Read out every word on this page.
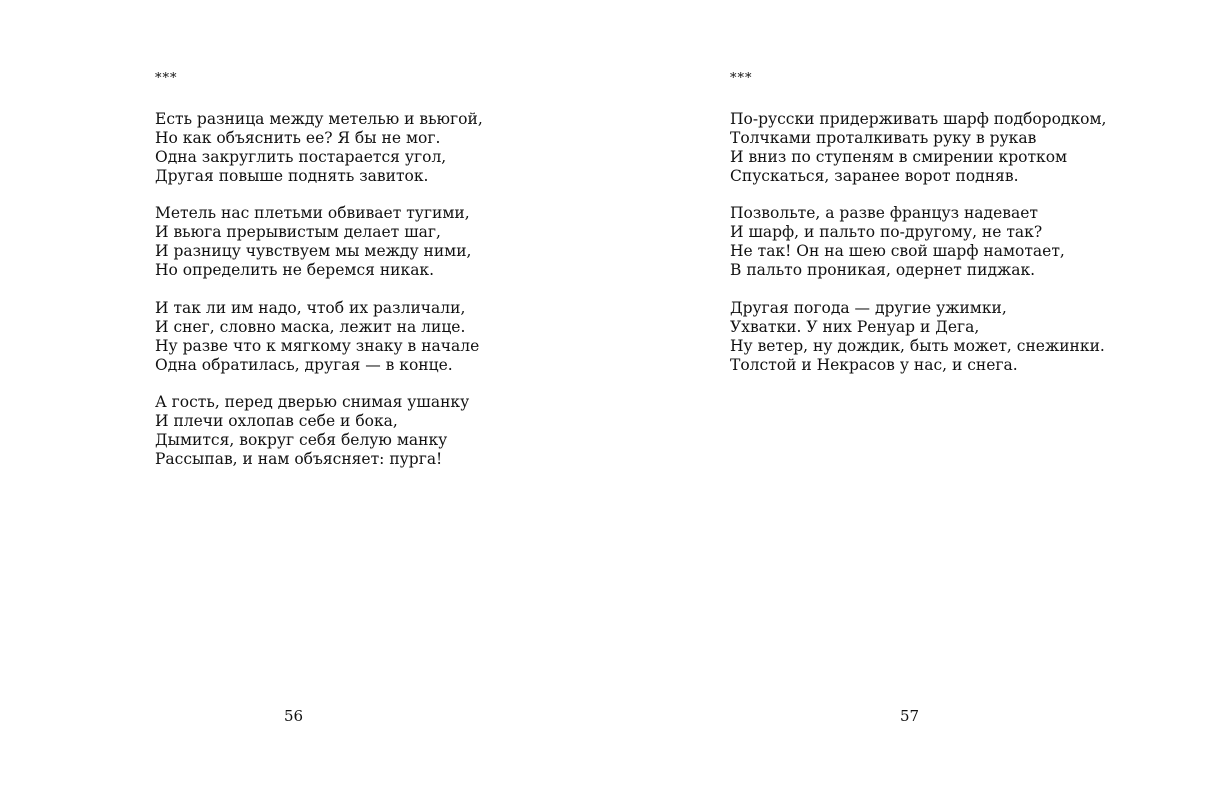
***
Есть разница между метелью и вьюгой,
Но как объяснить ее? Я бы не мог.
Одна закруглить постарается угол,
Другая повыше поднять завиток.
Метель нас плетьми обвивает тугими,
И вьюга прерывистым делает шаг,
И разницу чувствуем мы между ними,
Но определить не беремся никак.
И так ли им надо, чтоб их различали,
И снег, словно маска, лежит на лице.
Ну разве что к мягкому знаку в начале
Одна обратилась, другая — в конце.
А гость, перед дверью снимая ушанку
И плечи охлопав себе и бока,
Дымится, вокруг себя белую манку
Рассыпав, и нам объясняет: пурга!
56
***
По-русски придерживать шарф подбородком,
Толчками проталкивать руку в рукав
И вниз по ступеням в смирении кротком
Спускаться, заранее ворот подняв.
Позвольте, а разве француз надевает
И шарф, и пальто по-другому, не так?
Не так! Он на шею свой шарф намотает,
В пальто проникая, одернет пиджак.
Другая погода — другие ужимки,
Ухватки. У них Ренуар и Дега,
Ну ветер, ну дождик, быть может, снежинки.
Толстой и Некрасов у нас, и снега.
57
